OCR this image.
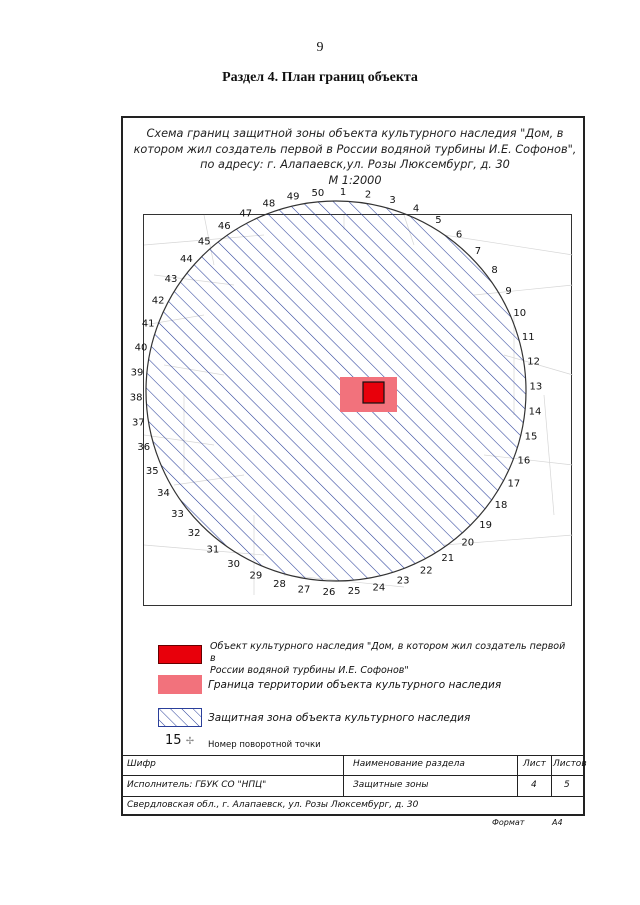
9
Раздел 4. План границ объекта
Схема границ защитной зоны объекта культурного наследия "Дом, в
котором жил создатель первой в России водяной турбины И.Е. Софонов",
по адресу: г. Алапаевск,ул. Розы Люксембург, д. 30
М 1:2000
1 2 3
4
5
6
7
8
9
10
11
12
13
14
15
16
17
18
19
20
21
22
23
24
25
26
27
28
29
30
31
32
33
34
35
36
37
38
39
40
41
42
43
44
45
46
47
48
49 50
Объект культурного наследия "Дом, в котором жил создатель первой в
России водяной турбины И.Е. Софонов"
Граница территории объекта культурного наследия
Защитная зона объекта культурного наследия
15 ✢ Номер поворотной точки
Шифр	Наименование раздела	Лист Листов
Исполнитель: ГБУК СО "НПЦ"	Защитные зоны	4	5
Свердловская обл., г. Алапаевск, ул. Розы Люксембург, д. 30
Формат	А4
